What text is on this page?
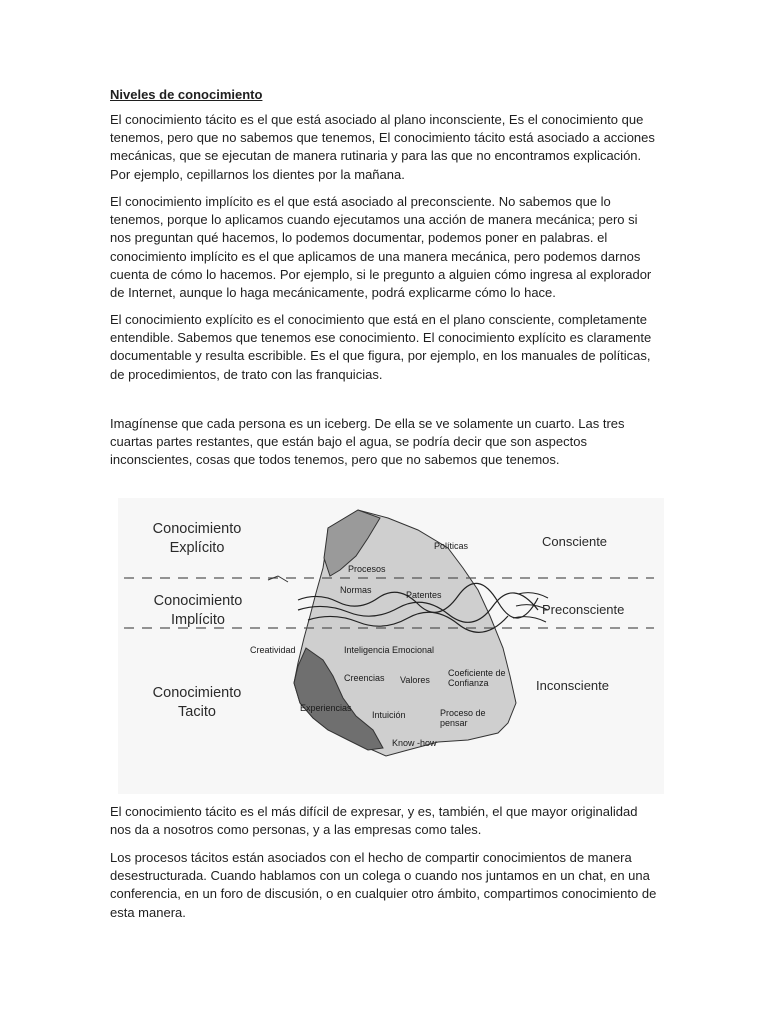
Niveles de conocimiento

El conocimiento tácito es el que está asociado al plano inconsciente, Es el conocimiento que tenemos, pero que no sabemos que tenemos, El conocimiento tácito está asociado a acciones mecánicas, que se ejecutan de manera rutinaria y para las que no encontramos explicación. Por ejemplo, cepillarnos los dientes por la mañana.

El conocimiento implícito es el que está asociado al preconsciente. No sabemos que lo tenemos, porque lo aplicamos cuando ejecutamos una acción de manera mecánica; pero si nos preguntan qué hacemos, lo podemos documentar, podemos poner en palabras. el conocimiento implícito es el que aplicamos de una manera mecánica, pero podemos darnos cuenta de cómo lo hacemos. Por ejemplo, si le pregunto a alguien cómo ingresa al explorador de Internet, aunque lo haga mecánicamente, podrá explicarme cómo lo hace.

El conocimiento explícito es el conocimiento que está en el plano consciente, completamente entendible. Sabemos que tenemos ese conocimiento. El conocimiento explícito es claramente documentable y resulta escribible. Es el que figura, por ejemplo, en los manuales de políticas, de procedimientos, de trato con las franquicias.

Imagínense que cada persona es un iceberg. De ella se ve solamente un cuarto. Las tres cuartas partes restantes, que están bajo el agua, se podría decir que son aspectos inconscientes, cosas que todos tenemos, pero que no sabemos que tenemos.

Conocimiento Explícito

Conocimiento Implícito

Conocimiento Tacito

Consciente

Preconsciente

Inconsciente

Políticas

Procesos

Normas	Patentes

Creatividad	Inteligencia Emocional

Creencias Valores

Coeficiente de Confianza

Experiencias

Intuición	Proceso de pensar

Know -how

El conocimiento tácito es el más difícil de expresar, y es, también, el que mayor originalidad nos da a nosotros como personas, y a las empresas como tales.

Los procesos tácitos están asociados con el hecho de compartir conocimientos de manera desestructurada. Cuando hablamos con un colega o cuando nos juntamos en un chat, en una conferencia, en un foro de discusión, o en cualquier otro ámbito, compartimos conocimiento de esta manera.
